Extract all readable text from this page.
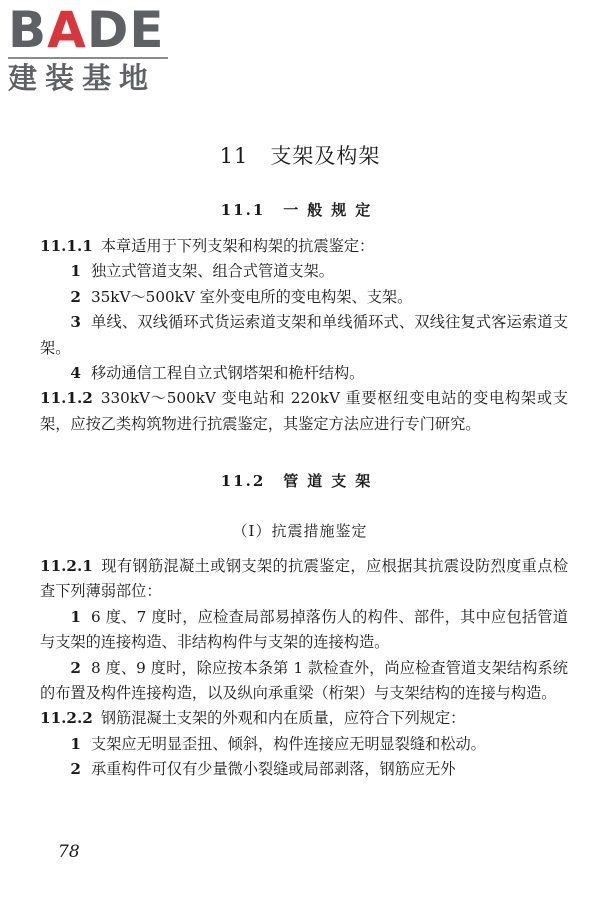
BADE
建装基地
11 支架及构架
11.1 一般规定

11.1.1 本章适用于下列支架和构架的抗震鉴定：

1 独立式管道支架、组合式管道支架。

2 35kV～500kV 室外变电所的变电构架、支架。

3 单线、双线循环式货运索道支架和单线循环式、双线往复式客运索道支架。

4 移动通信工程自立式钢塔架和桅杆结构。

11.1.2 330kV～500kV 变电站和 220kV 重要枢纽变电站的变电构架或支架，应按乙类构筑物进行抗震鉴定，其鉴定方法应进行专门研究。

11.2 管道支架
（Ⅰ）抗震措施鉴定

11.2.1 现有钢筋混凝土或钢支架的抗震鉴定，应根据其抗震设防烈度重点检查下列薄弱部位：

1 6 度、7 度时，应检查局部易掉落伤人的构件、部件，其中应包括管道与支架的连接构造、非结构构件与支架的连接构造。

2 8 度、9 度时，除应按本条第 1 款检查外，尚应检查管道支架结构系统的布置及构件连接构造，以及纵向承重梁（桁架）与支架结构的连接与构造。

11.2.2 钢筋混凝土支架的外观和内在质量，应符合下列规定：

1 支架应无明显歪扭、倾斜，构件连接应无明显裂缝和松动。

2 承重构件可仅有少量微小裂缝或局部剥落，钢筋应无外

78
